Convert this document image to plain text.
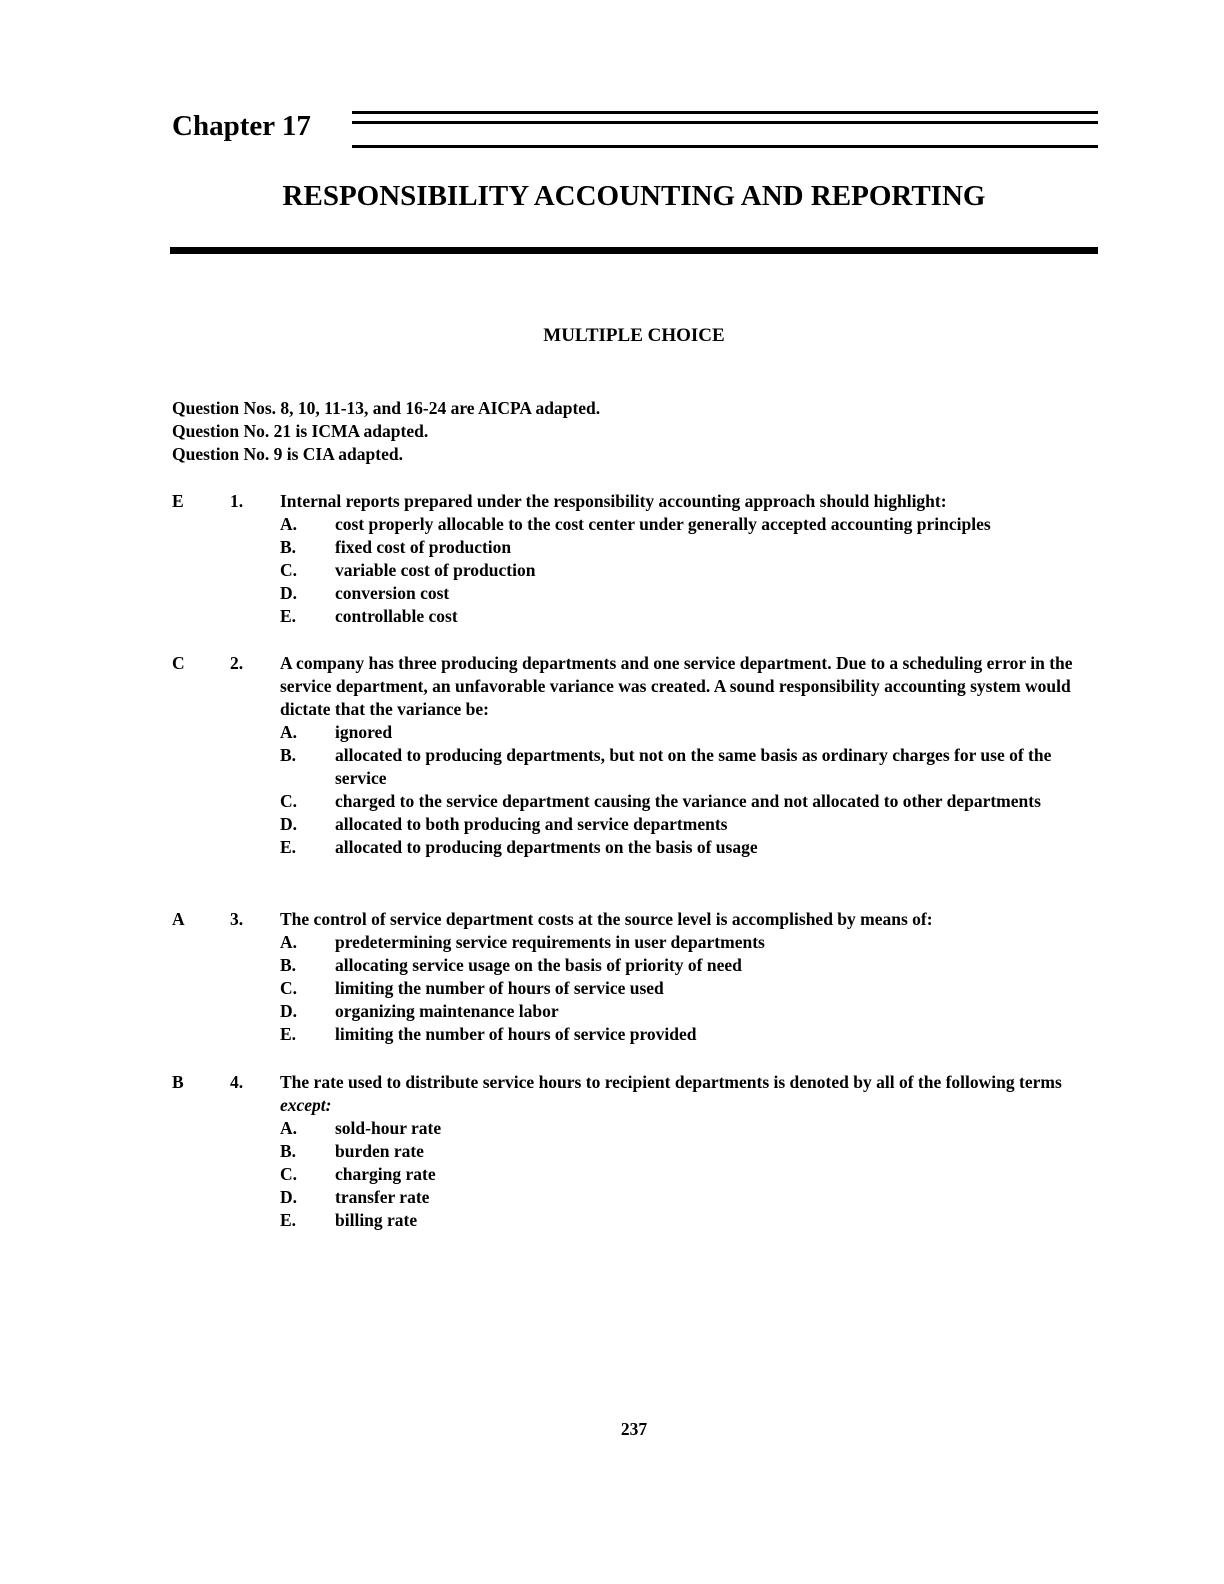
Chapter 17
RESPONSIBILITY ACCOUNTING AND REPORTING
MULTIPLE CHOICE
Question Nos. 8, 10, 11-13, and 16-24 are AICPA adapted.
Question No. 21 is ICMA adapted.
Question No. 9 is CIA adapted.
E	1.	Internal reports prepared under the responsibility accounting approach should highlight:
A.	cost properly allocable to the cost center under generally accepted accounting principles
B.	fixed cost of production
C.	variable cost of production
D.	conversion cost
E.	controllable cost
C	2.	A company has three producing departments and one service department. Due to a scheduling error in the service department, an unfavorable variance was created. A sound responsibility accounting system would dictate that the variance be:
A.	ignored
B.	allocated to producing departments, but not on the same basis as ordinary charges for use of the service
C.	charged to the service department causing the variance and not allocated to other departments
D.	allocated to both producing and service departments
E.	allocated to producing departments on the basis of usage
A	3.	The control of service department costs at the source level is accomplished by means of:
A.	predetermining service requirements in user departments
B.	allocating service usage on the basis of priority of need
C.	limiting the number of hours of service used
D.	organizing maintenance labor
E.	limiting the number of hours of service provided
B	4.	The rate used to distribute service hours to recipient departments is denoted by all of the following terms except:
A.	sold-hour rate
B.	burden rate
C.	charging rate
D.	transfer rate
E.	billing rate
237
